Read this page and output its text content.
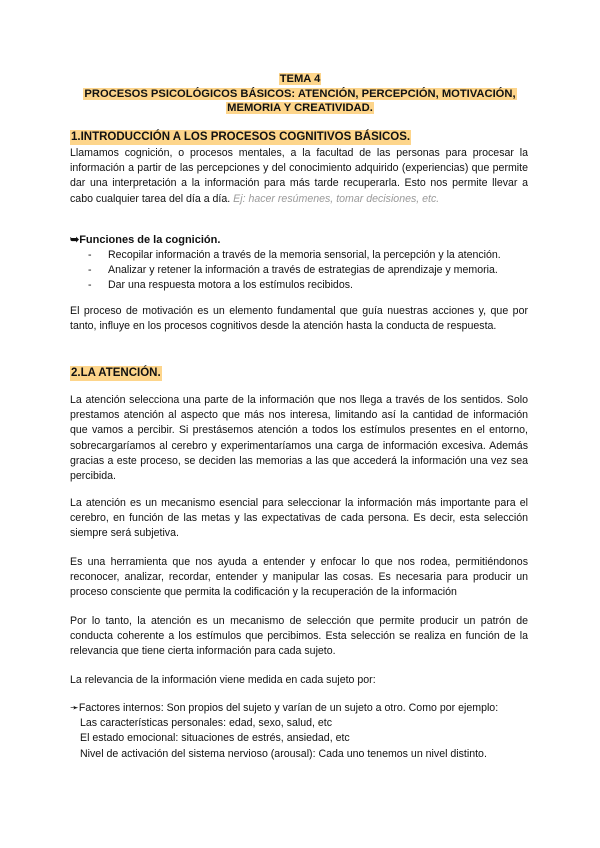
TEMA 4
PROCESOS PSICOLÓGICOS BÁSICOS: ATENCIÓN, PERCEPCIÓN, MOTIVACIÓN,
MEMORIA Y CREATIVIDAD.
1.INTRODUCCIÓN A LOS PROCESOS COGNITIVOS BÁSICOS.

Llamamos cognición, o procesos mentales, a la facultad de las personas para procesar la información a partir de las percepciones y del conocimiento adquirido (experiencias) que permite dar una interpretación a la información para más tarde recuperarla. Esto nos permite llevar a cabo cualquier tarea del día a día. Ej: hacer resúmenes, tomar decisiones, etc.

➥Funciones de la cognición.
- Recopilar información a través de la memoria sensorial, la percepción y la atención.
- Analizar y retener la información a través de estrategias de aprendizaje y memoria.
- Dar una respuesta motora a los estímulos recibidos.

El proceso de motivación es un elemento fundamental que guía nuestras acciones y, que por tanto, influye en los procesos cognitivos desde la atención hasta la conducta de respuesta.

2.LA ATENCIÓN.

La atención selecciona una parte de la información que nos llega a través de los sentidos. Solo prestamos atención al aspecto que más nos interesa, limitando así la cantidad de información que vamos a percibir. Si prestásemos atención a todos los estímulos presentes en el entorno, sobrecargaríamos al cerebro y experimentaríamos una carga de información excesiva. Además gracias a este proceso, se deciden las memorias a las que accederá la información una vez sea percibida.

La atención es un mecanismo esencial para seleccionar la información más importante para el cerebro, en función de las metas y las expectativas de cada persona. Es decir, esta selección siempre será subjetiva.

Es una herramienta que nos ayuda a entender y enfocar lo que nos rodea, permitiéndonos reconocer, analizar, recordar, entender y manipular las cosas. Es necesaria para producir un proceso consciente que permita la codificación y la recuperación de la información

Por lo tanto, la atención es un mecanismo de selección que permite producir un patrón de conducta coherente a los estímulos que percibimos. Esta selección se realiza en función de la relevancia que tiene cierta información para cada sujeto.

La relevancia de la información viene medida en cada sujeto por:

➛Factores internos: Son propios del sujeto y varían de un sujeto a otro. Como por ejemplo:
Las características personales: edad, sexo, salud, etc
El estado emocional: situaciones de estrés, ansiedad, etc
Nivel de activación del sistema nervioso (arousal): Cada uno tenemos un nivel distinto.
